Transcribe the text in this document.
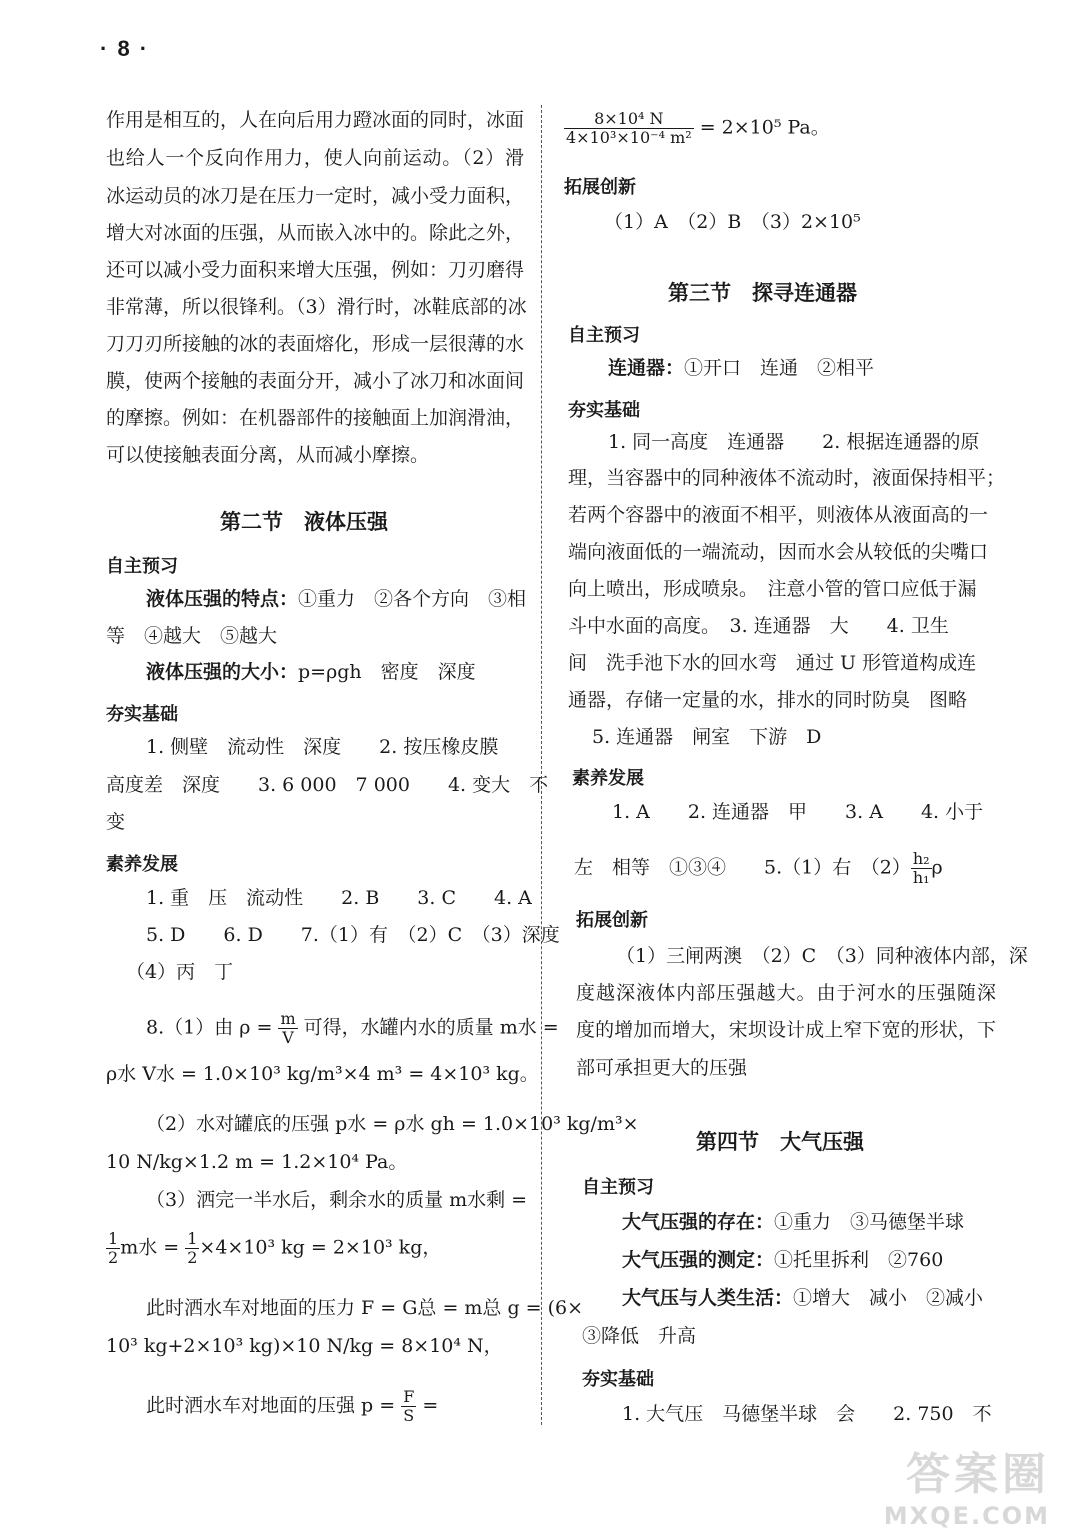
· 8 ·
作用是相互的，人在向后用力蹬冰面的同时，冰面
也给人一个反向作用力，使人向前运动。（2）滑
冰运动员的冰刀是在压力一定时，减小受力面积，
增大对冰面的压强，从而嵌入冰中的。除此之外，
还可以减小受力面积来增大压强，例如：刀刃磨得
非常薄，所以很锋利。（3）滑行时，冰鞋底部的冰
刀刀刃所接触的冰的表面熔化，形成一层很薄的水
膜，使两个接触的表面分开，减小了冰刀和冰面间
的摩擦。例如：在机器部件的接触面上加润滑油，
可以使接触表面分离，从而减小摩擦。
第二节　液体压强
自主预习
液体压强的特点：①重力　②各个方向　③相
等　④越大　⑤越大
液体压强的大小：p=ρgh　密度　深度
夯实基础
1. 侧壁　流动性　深度　　2. 按压橡皮膜
高度差　深度　　3. 6 000　7 000　　4. 变大　不
变
素养发展
1. 重　压　流动性　　2. B　　3. C　　4. A
5. D　　6. D　　7.（1）有　（2）C　（3）深度
（4）丙　丁
8.（1）由 $\rho = \frac{m}{V}$ 可得，水罐内水的质量 m水 =
ρ水 V水 = 1.0×10³ kg/m³×4 m³ = 4×10³ kg。
（2）水对罐底的压强 p水 = ρ水 gh = 1.0×10³ kg/m³×
10 N/kg×1.2 m = 1.2×10⁴ Pa。
（3）洒完一半水后，剩余水的质量 m水剩 =
$\frac{1}{2}$ m水 = $\frac{1}{2} \times 4\times 10^3$ kg = 2×10³ kg，
此时洒水车对地面的压力 F = G总 = m总 g = (6×
10³ kg+2×10³ kg)×10 N/kg = 8×10⁴ N，
此时洒水车对地面的压强 $p = \frac{F}{S}$ =
$\frac{\text{8×10⁴ N}}{\text{4×10³×10⁻⁴ m²}} = 2\times 10^5$ Pa。
拓展创新
（1）A　（2）B　（3）2×10⁵
第三节　探寻连通器
自主预习
连通器：①开口　连通　②相平
夯实基础
1. 同一高度　连通器　　2. 根据连通器的原
理，当容器中的同种液体不流动时，液面保持相平；
若两个容器中的液面不相平，则液体从液面高的一
端向液面低的一端流动，因而水会从较低的尖嘴口
向上喷出，形成喷泉。　注意小管的管口应低于漏
斗中水面的高度。　3. 连通器　大　　4. 卫生
间　洗手池下水的回水弯　通过 U 形管道构成连
通器，存储一定量的水，排水的同时防臭　图略
5. 连通器　闸室　下游　D
素养发展
1. A　　2. 连通器　甲　　3. A　　4. 小于
左　相等　①③④　　5.（1）右　$(2) \frac{\text{h₂}}{\text{h₁}}$ ρ
拓展创新
（1）三闸两澳　（2）C　（3）同种液体内部，深
度越深液体内部压强越大。由于河水的压强随深
度的增加而增大，宋坝设计成上窄下宽的形状，下
部可承担更大的压强
第四节　大气压强
自主预习
大气压强的存在：①重力　③马德堡半球
大气压强的测定：①托里拆利　②760
大气压与人类生活：①增大　减小　②减小
③降低　升高
夯实基础
1. 大气压　马德堡半球　会　　2. 750　不
答案圈
MXQE.COM
